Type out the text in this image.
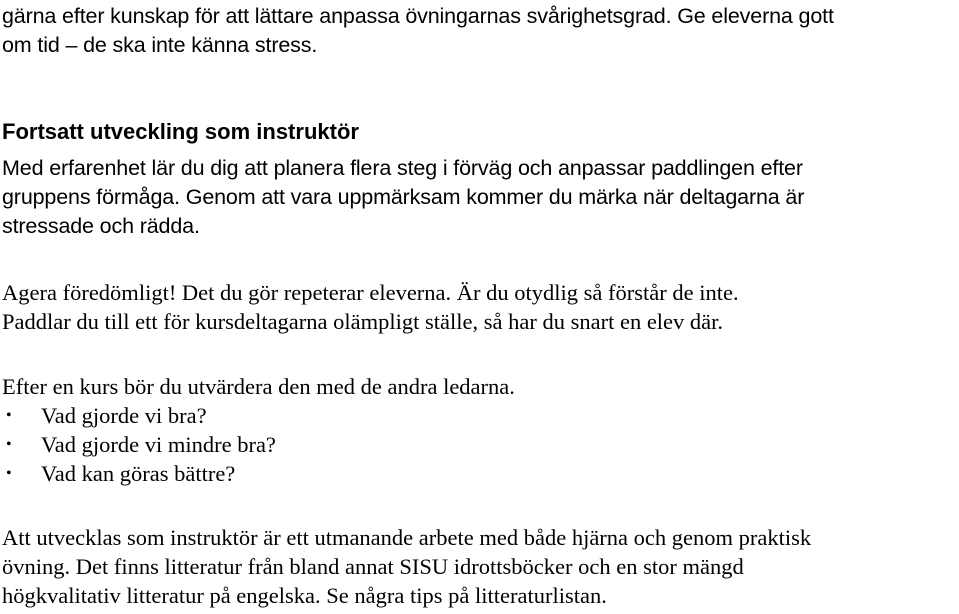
gärna efter kunskap för att lättare anpassa övningarnas svårighetsgrad. Ge eleverna gott
om tid – de ska inte känna stress.
Fortsatt utveckling som instruktör
Med erfarenhet lär du dig att planera flera steg i förväg och anpassar paddlingen efter
gruppens förmåga. Genom att vara uppmärksam kommer du märka när deltagarna är
stressade och rädda.
Agera föredömligt! Det du gör repeterar eleverna. Är du otydlig så förstår de inte.
Paddlar du till ett för kursdeltagarna olämpligt ställe, så har du snart en elev där.
Efter en kurs bör du utvärdera den med de andra ledarna.
• Vad gjorde vi bra?
• Vad gjorde vi mindre bra?
• Vad kan göras bättre?
Att utvecklas som instruktör är ett utmanande arbete med både hjärna och genom praktisk
övning. Det finns litteratur från bland annat SISU idrottsböcker och en stor mängd
högkvalitativ litteratur på engelska. Se några tips på litteraturlistan.
